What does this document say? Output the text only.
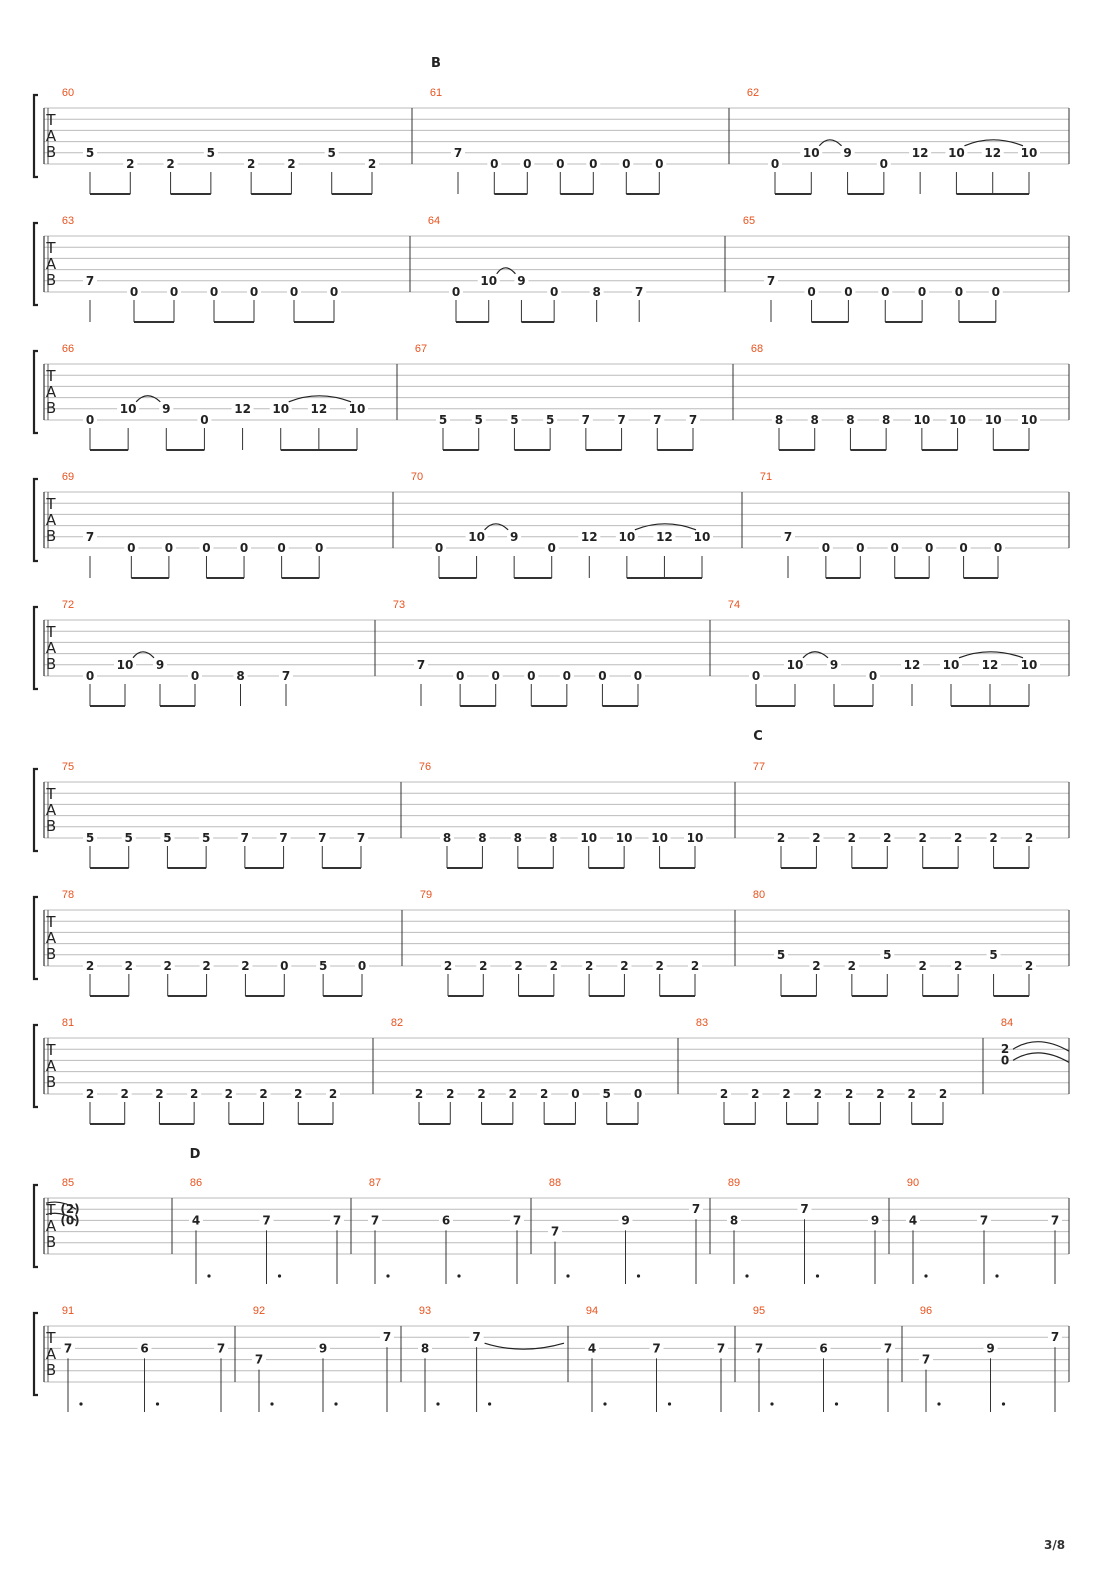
B
C
D
T
A
B
60
5
2	2
5
2	2
5
2
61
7
0 0 0 0 0 0
62
0
10 9
0
12 10 12 10
T
A
B
63
7
0	0	0	0	0	0
64
0
10 9
0	8	7
65
7
0 0 0 0 0 0
T
A
B
66
0
10 9
0
12 10 12 10
67
5 5 5 5 7 7 7 7
68
8 8 8 8 10 10 10 10
T
A
B
69
7
0 0 0 0 0 0
70
0
10 9
0
12 10 12 10
71
7
0 0 0 0 0 0
T
A
B
72
0
10 9
0	8	7
73
7
0 0 0 0 0 0
74
0
10 9
0
12 10 12 10
T
A
B
75
5	5	5	5	7	7	7	7
76
8 8 8 8 10 10 10 10
77
2 2 2 2 2 2 2 2
T
A
B
78
2	2	2	2	2	0	5	0
79
2 2 2 2 2 2 2 2
80
5
2 2
5
2 2
5
2
T
A
B
81
2 2 2 2 2 2 2 2
82
2 2 2 2 2 0 5 0
83
2 2 2 2 2 2 2 2
84
2
0
T
A
B
85
(2)
(0)
86
4	7	7
87
7	6	7
88
7
9
7
89
8
7
9
90
4	7	7
T
A
B
91
7	6	7
92
7
9
7
93
8
7
94
4	7	7
95
7	6	7
96
7
9
7
3/8
